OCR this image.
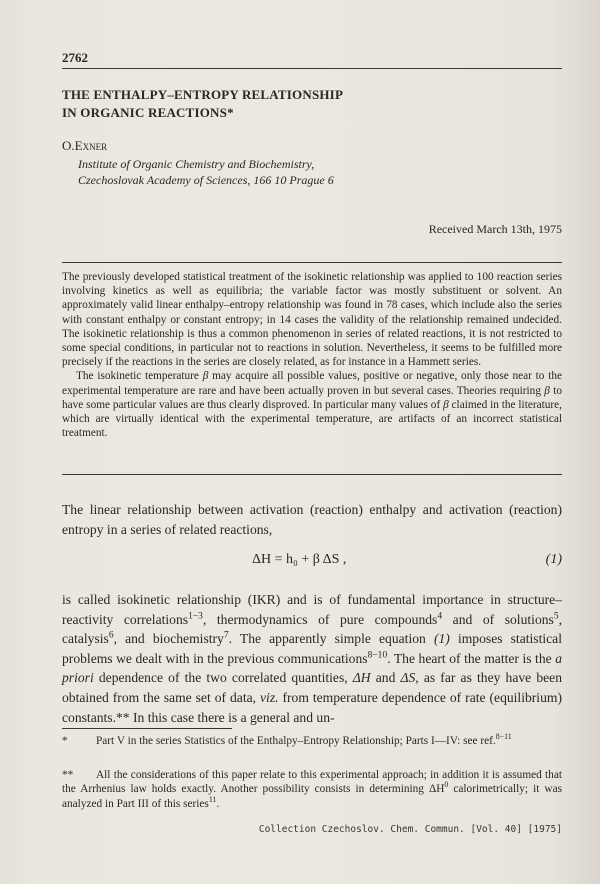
2762
THE ENTHALPY–ENTROPY RELATIONSHIP
IN ORGANIC REACTIONS*
O.Exner
Institute of Organic Chemistry and Biochemistry,
Czechoslovak Academy of Sciences, 166 10 Prague 6
Received March 13th, 1975

The previously developed statistical treatment of the isokinetic relationship was applied to 100 reaction series involving kinetics as well as equilibria; the variable factor was mostly substituent or solvent. An approximately valid linear enthalpy–entropy relationship was found in 78 cases, which include also the series with constant enthalpy or constant entropy; in 14 cases the validity of the relationship remained undecided. The isokinetic relationship is thus a common phenomenon in series of related reactions, it is not restricted to some special conditions, in particular not to reactions in solution. Nevertheless, it seems to be fulfilled more precisely if the reactions in the series are closely related, as for instance in a Hammett series.

The isokinetic temperature β may acquire all possible values, positive or negative, only those near to the experimental temperature are rare and have been actually proven in but several cases. Theories requiring β to have some particular values are thus clearly disproved. In particular many values of β claimed in the literature, which are virtually identical with the experimental temperature, are artifacts of an incorrect statistical treatment.

The linear relationship between activation (reaction) enthalpy and activation (reaction) entropy in a series of related reactions,

ΔH = h₀ + β ΔS ,	(1)

is called isokinetic relationship (IKR) and is of fundamental importance in structure–reactivity correlations$^{1-3}$, thermodynamics of pure compounds$^4$ and of solutions$^5$, catalysis$^6$, and biochemistry$^7$. The apparently simple equation (1) imposes statistical problems we dealt with in the previous communications$^{8-10}$. The heart of the matter is the a priori dependence of the two correlated quantities, ΔH and ΔS, as far as they have been obtained from the same set of data, viz. from temperature dependence of rate (equilibrium) constants.** In this case there is a general and un-

*	Part V in the series Statistics of the Enthalpy–Entropy Relationship; Parts I—IV: see ref.$^{8-11}$
** All the considerations of this paper relate to this experimental approach; in addition it is assumed that the Arrhenius law holds exactly. Another possibility consists in determining $\Delta H^0$ calorimetrically; it was analyzed in Part III of this series$^{11}$.
Collection Czechoslov. Chem. Commun. [Vol. 40] [1975]
